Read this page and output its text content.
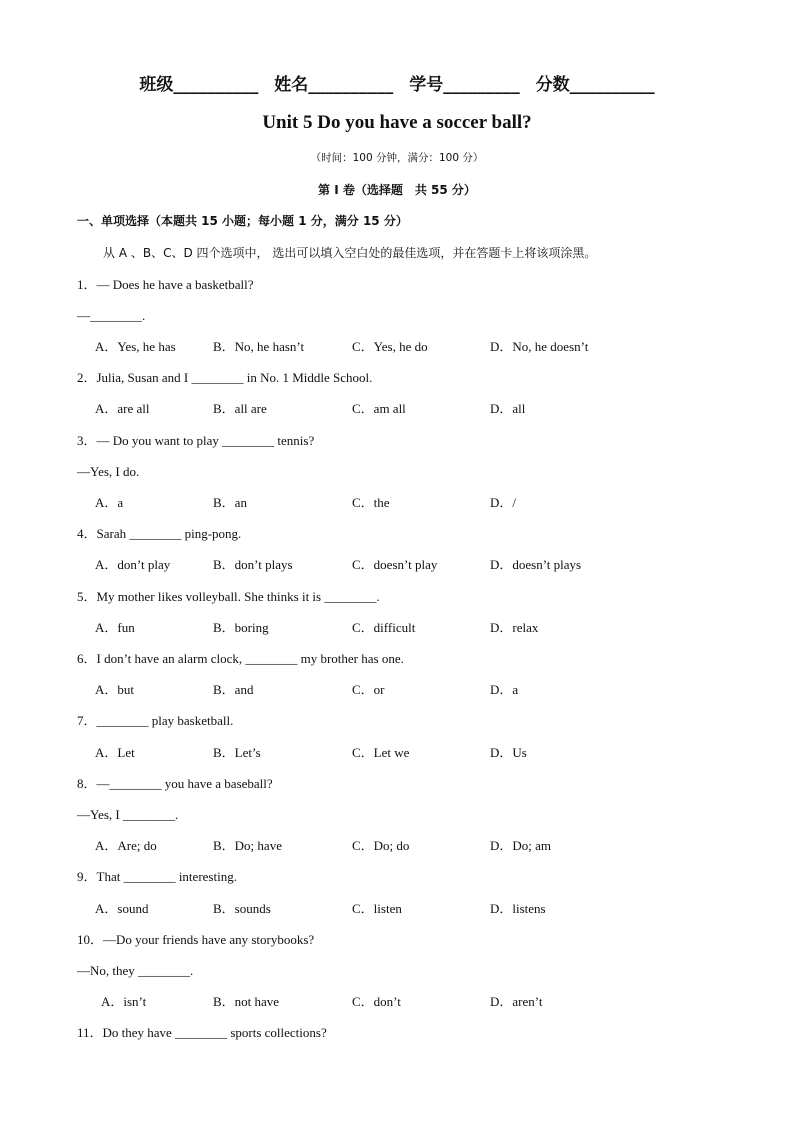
班级__________ 姓名__________ 学号_________ 分数__________
Unit 5 Do you have a soccer ball?
（时间：100 分钟，满分：100 分）
第 I 卷（选择题　共 55 分）
一、单项选择（本题共 15 小题；每小题 1 分，满分 15 分）
从 A 、B、C、D 四个选项中， 选出可以填入空白处的最佳选项，并在答题卡上将该项涂黑。
1．— Does he have a basketball?
—________.
A．Yes, he has	B．No, he hasn’t	C．Yes, he do	D．No, he doesn’t
2．Julia, Susan and I ________ in No. 1 Middle School.
A．are all	B．all are	C．am all	D．all
3．— Do you want to play ________ tennis?
—Yes, I do.
A．a	B．an	C．the	D．/
4．Sarah ________ ping-pong.
A．don’t play	B．don’t plays	C．doesn’t play	D．doesn’t plays
5．My mother likes volleyball. She thinks it is ________.
A．fun	B．boring	C．difficult	D．relax
6．I don’t have an alarm clock, ________ my brother has one.
A．but	B．and	C．or	D．a
7．________ play basketball.
A．Let	B．Let’s	C．Let we	D．Us
8．—________ you have a baseball?
—Yes, I ________.
A．Are; do	B．Do; have	C．Do; do	D．Do; am
9．That ________ interesting.
A．sound	B．sounds	C．listen	D．listens
10．—Do your friends have any storybooks?
—No, they ________.
A．isn’t	B．not have	C．don’t	D．aren’t
11．Do they have ________ sports collections?
